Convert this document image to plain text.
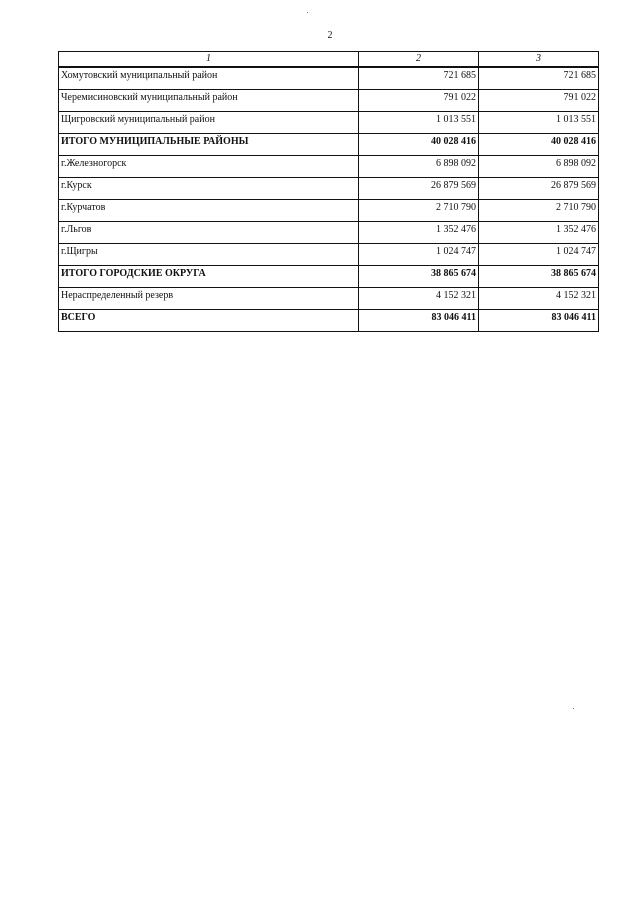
2
1	2	3
Хомутовский муниципальный район	721 685	721 685
Черемисиновский муниципальный район	791 022	791 022
Щигровский муниципальный район	1 013 551	1 013 551
ИТОГО МУНИЦИПАЛЬНЫЕ РАЙОНЫ	40 028 416	40 028 416
г.Железногорск	6 898 092	6 898 092
г.Курск	26 879 569	26 879 569
г.Курчатов	2 710 790	2 710 790
г.Льгов	1 352 476	1 352 476
г.Щигры	1 024 747	1 024 747
ИТОГО ГОРОДСКИЕ ОКРУГА	38 865 674	38 865 674
Нераспределенный резерв	4 152 321	4 152 321
ВСЕГО	83 046 411	83 046 411
